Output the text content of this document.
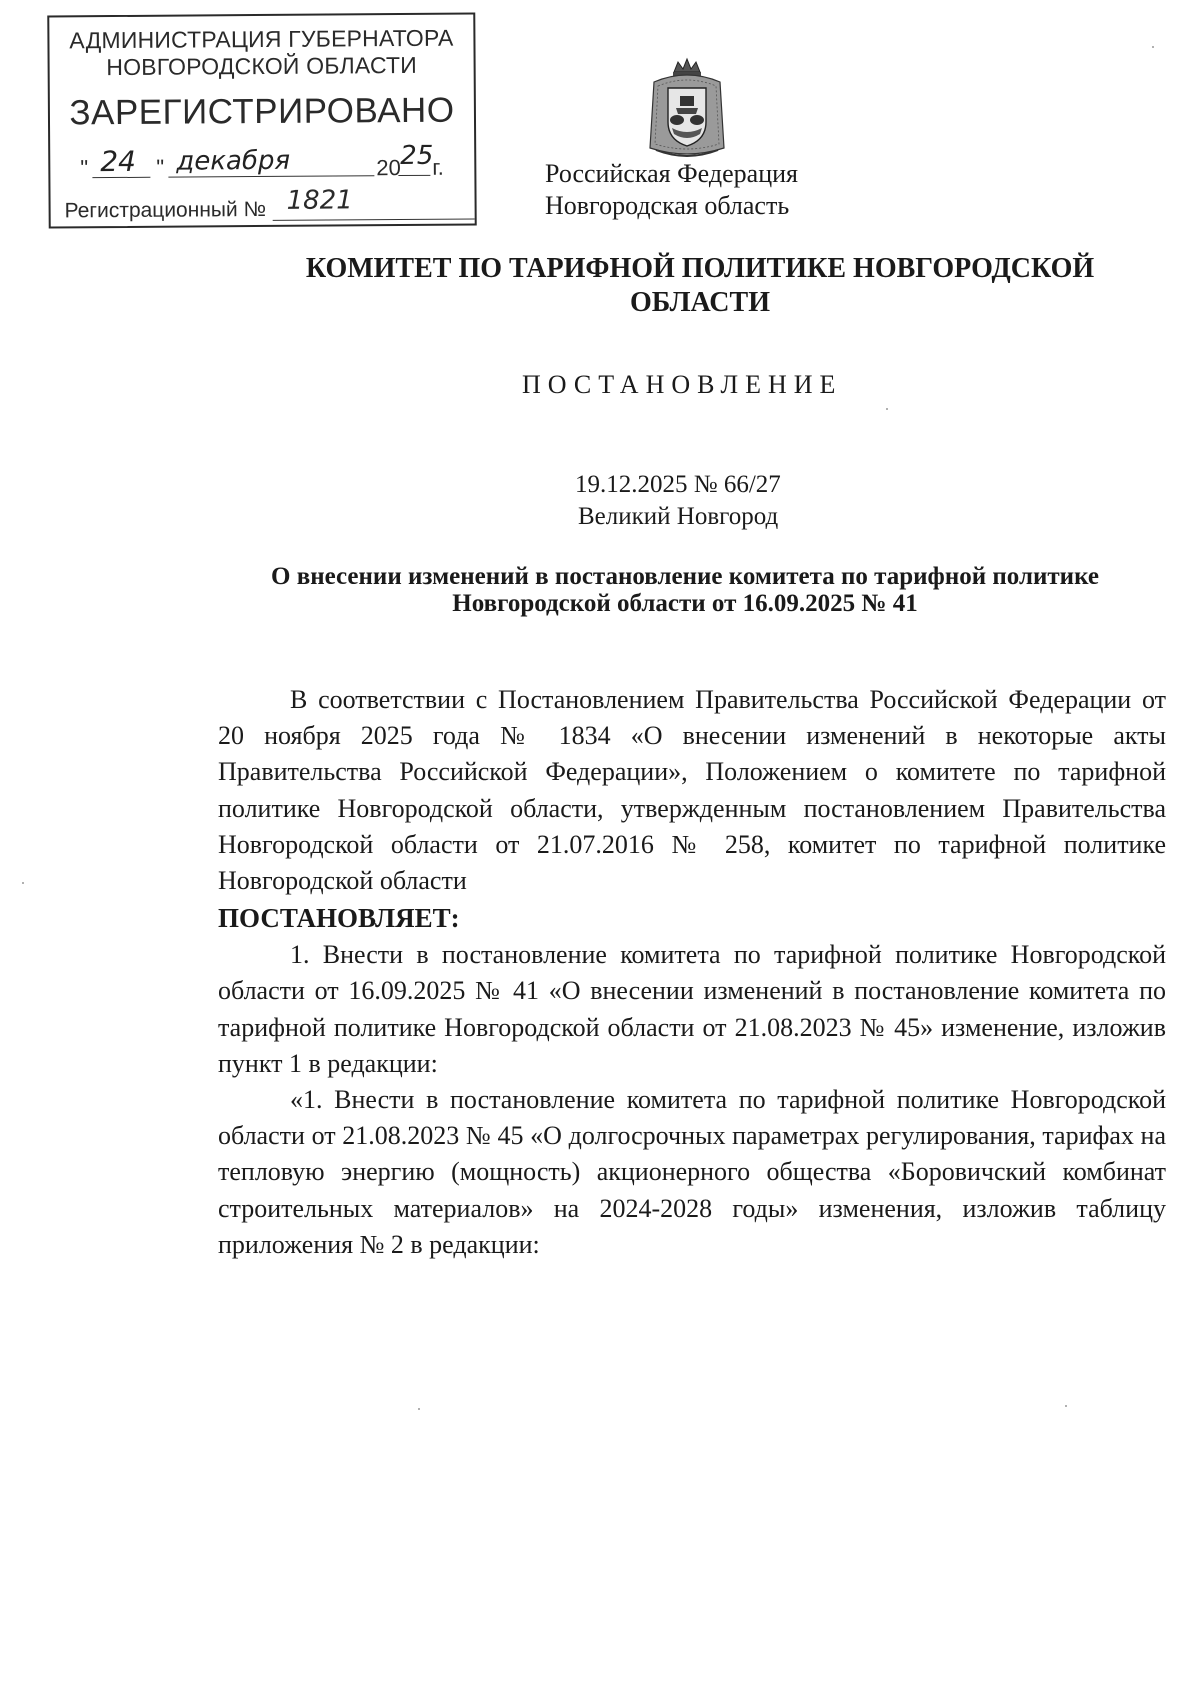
АДМИНИСТРАЦИЯ ГУБЕРНАТОРА
НОВГОРОДСКОЙ ОБЛАСТИ
ЗАРЕГИСТРИРОВАНО
" 24 " декабря	20 25
г.
Регистрационный № 1821
Российская Федерация
Новгородская область
КОМИТЕТ ПО ТАРИФНОЙ ПОЛИТИКЕ НОВГОРОДСКОЙ
ОБЛАСТИ
ПОСТАНОВЛЕНИЕ
19.12.2025 № 66/27
Великий Новгород
О внесении изменений в постановление комитета по тарифной политике
Новгородской области от 16.09.2025 № 41

В соответствии с Постановлением Правительства Российской Федерации от 20 ноября 2025 года № 1834 «О внесении изменений в некоторые акты Правительства Российской Федерации», Положением о комитете по тарифной политике Новгородской области, утвержденным постановлением Правительства Новгородской области от 21.07.2016 № 258, комитет по тарифной политике Новгородской области

ПОСТАНОВЛЯЕТ:

1. Внести в постановление комитета по тарифной политике Новгородской области от 16.09.2025 № 41 «О внесении изменений в постановление комитета по тарифной политике Новгородской области от 21.08.2023 № 45» изменение, изложив пункт 1 в редакции:

«1. Внести в постановление комитета по тарифной политике Новгородской области от 21.08.2023 № 45 «О долгосрочных параметрах регулирования, тарифах на тепловую энергию (мощность) акционерного общества «Боровичский комбинат строительных материалов» на 2024-2028 годы» изменения, изложив таблицу приложения № 2 в редакции:
